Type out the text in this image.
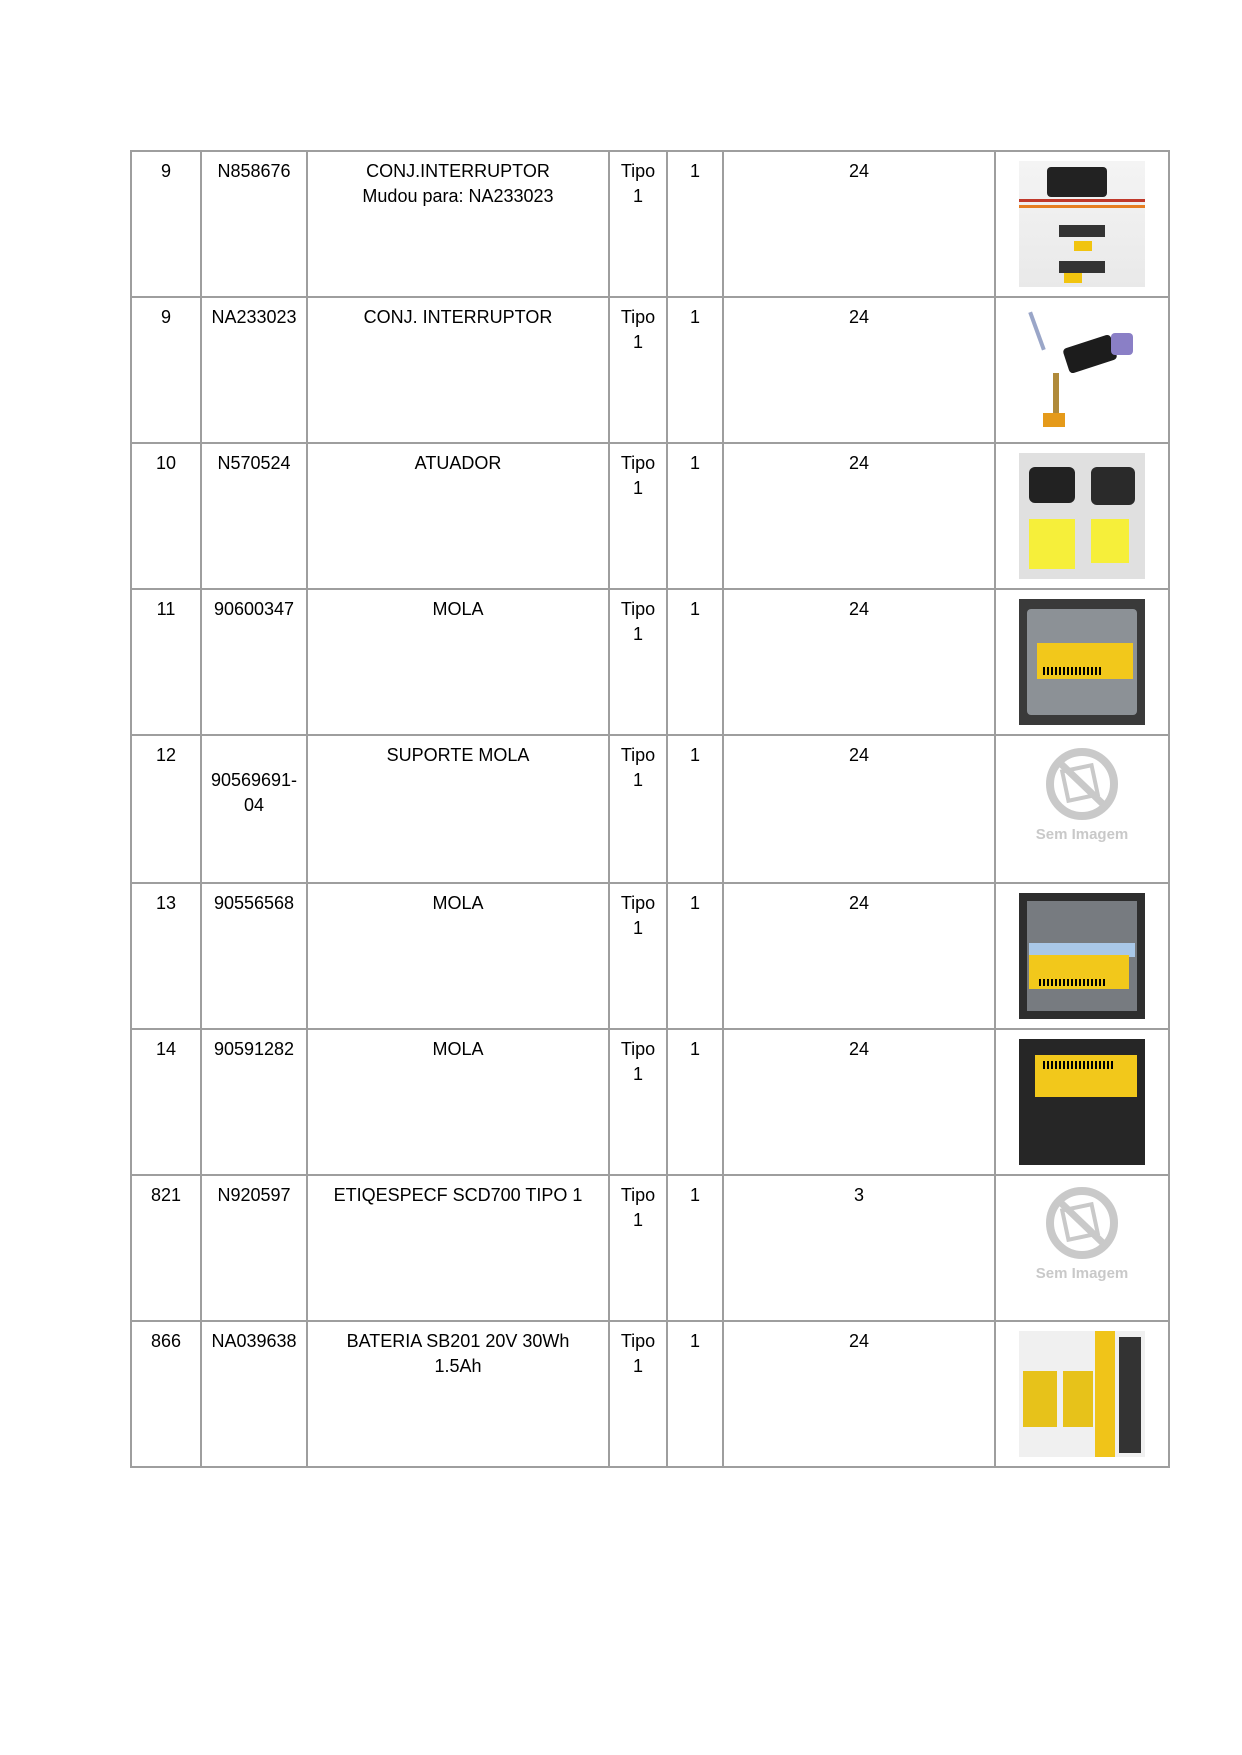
9	N858676	CONJ.INTERRUPTOR
Mudou para: NA233023	Tipo
1	1	24	

9	NA233023	CONJ. INTERRUPTOR	Tipo
1	1	24	

10	N570524	ATUADOR	Tipo
1	1	24	

11	90600347	MOLA	Tipo
1	1	24	

12	90569691-04	SUPORTE MOLA	Tipo
1	1	24	Sem Imagem

13	90556568	MOLA	Tipo
1	1	24	

14	90591282	MOLA	Tipo
1	1	24	

821	N920597	ETIQESPECF SCD700 TIPO 1	Tipo
1	1	3	Sem Imagem

866	NA039638	BATERIA SB201 20V 30Wh
1.5Ah	Tipo
1	1	24	
